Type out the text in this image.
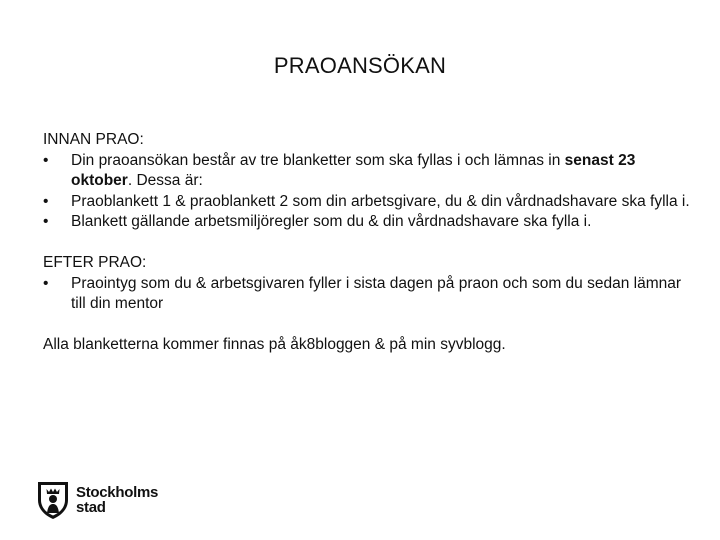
PRAOANSÖKAN

INNAN PRAO:

• Din praoansökan består av tre blanketter som ska fyllas i och lämnas in senast 23 oktober. Dessa är:
• Praoblankett 1 & praoblankett 2 som din arbetsgivare, du & din vårdnadshavare ska fylla i.
• Blankett gällande arbetsmiljöregler som du & din vårdnadshavare ska fylla i.

EFTER PRAO:

• Praointyg som du & arbetsgivaren fyller i sista dagen på praon och som du sedan lämnar till din mentor

Alla blanketterna kommer finnas på åk8bloggen & på min syvblogg.

Stockholms
stad
